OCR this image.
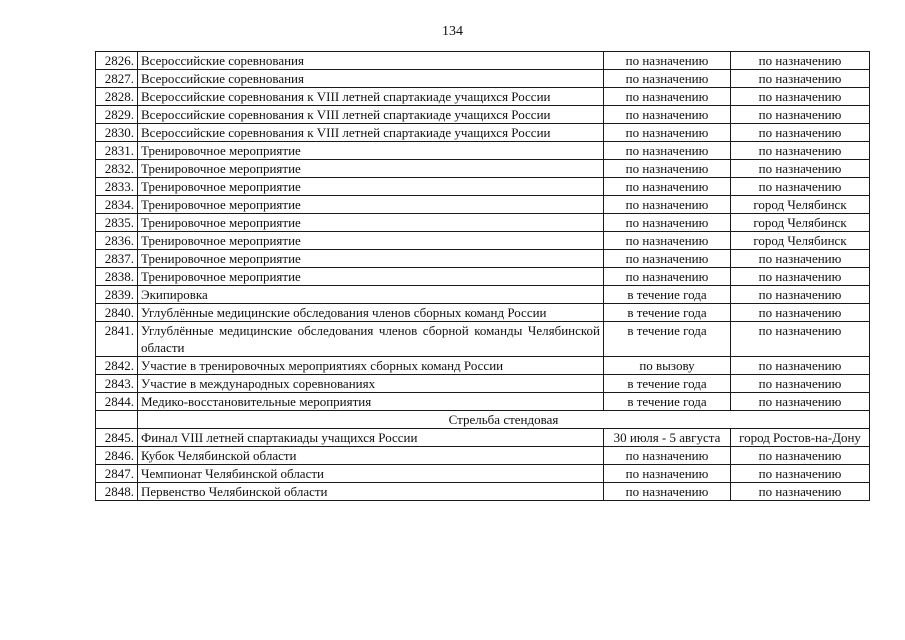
134
2826.	Всероссийские соревнования	по назначению	по назначению
2827.	Всероссийские соревнования	по назначению	по назначению
2828.	Всероссийские соревнования к VIII летней спартакиаде учащихся России	по назначению	по назначению
2829.	Всероссийские соревнования к VIII летней спартакиаде учащихся России	по назначению	по назначению
2830.	Всероссийские соревнования к VIII летней спартакиаде учащихся России	по назначению	по назначению
2831.	Тренировочное мероприятие	по назначению	по назначению
2832.	Тренировочное мероприятие	по назначению	по назначению
2833.	Тренировочное мероприятие	по назначению	по назначению
2834.	Тренировочное мероприятие	по назначению	город Челябинск
2835.	Тренировочное мероприятие	по назначению	город Челябинск
2836.	Тренировочное мероприятие	по назначению	город Челябинск
2837.	Тренировочное мероприятие	по назначению	по назначению
2838.	Тренировочное мероприятие	по назначению	по назначению
2839.	Экипировка	в течение года	по назначению
2840.	Углублённые медицинские обследования членов сборных команд России	в течение года	по назначению
2841.	Углублённые медицинские обследования членов сборной команды Челябинской области	в течение года	по назначению
2842.	Участие в тренировочных мероприятиях сборных команд России	по вызову	по назначению
2843.	Участие в международных соревнованиях	в течение года	по назначению
2844.	Медико-восстановительные мероприятия	в течение года	по назначению
	Стрельба стендовая		
2845.	Финал VIII летней спартакиады учащихся России	30 июля - 5 августа	город Ростов-на-Дону
2846.	Кубок Челябинской области	по назначению	по назначению
2847.	Чемпионат Челябинской области	по назначению	по назначению
2848.	Первенство Челябинской области	по назначению	по назначению
